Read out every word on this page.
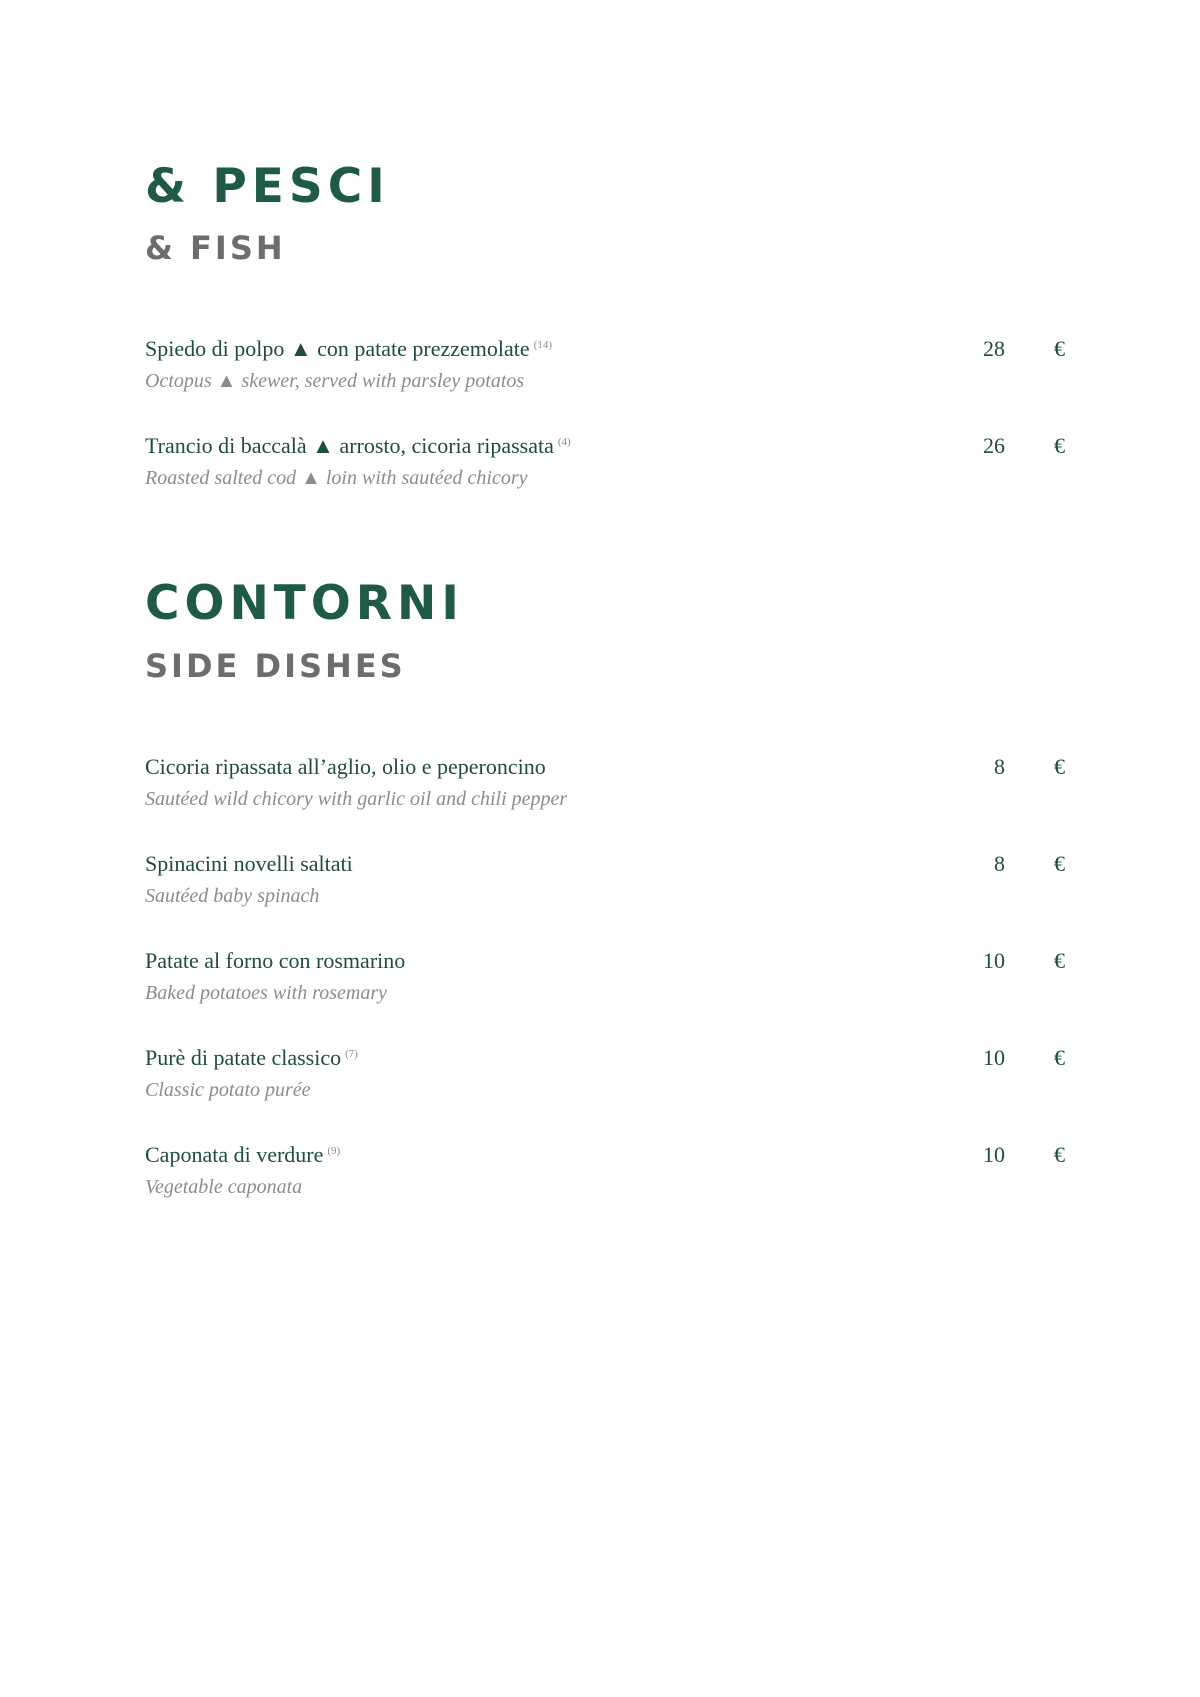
& PESCI
& FISH
Spiedo di polpo ▲ con patate prezzemolate $^{(14)}$
Octopus ▲ skewer, served with parsley potatos
28	€
Trancio di baccalà ▲ arrosto, cicoria ripassata $^{(4)}$
Roasted salted cod ▲ loin with sautéed chicory
26	€
CONTORNI
SIDE DISHES
Cicoria ripassata all’aglio, olio e peperoncino
Sautéed wild chicory with garlic oil and chili pepper
8	€
Spinacini novelli saltati
Sautéed baby spinach
8	€
Patate al forno con rosmarino
Baked potatoes with rosemary
10	€
Purè di patate classico $^{(7)}$
Classic potato purée
10	€
Caponata di verdure $^{(9)}$
Vegetable caponata
10	€
